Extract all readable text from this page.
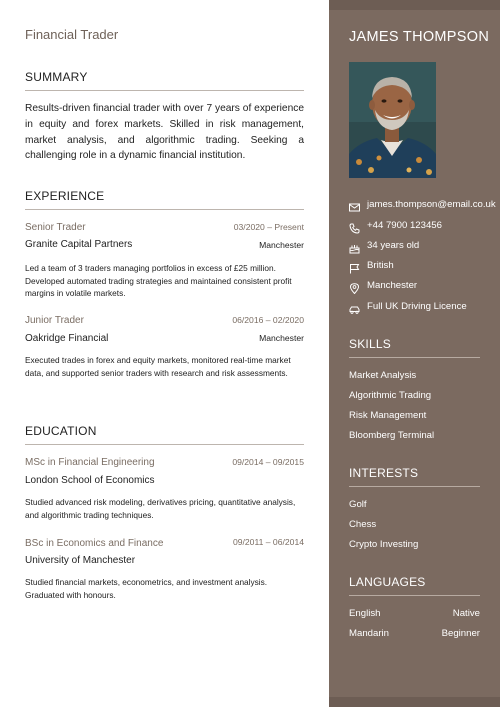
Financial Trader
SUMMARY
Results-driven financial trader with over 7 years of experience in equity and forex markets. Skilled in risk management, market analysis, and algorithmic trading. Seeking a challenging role in a dynamic financial institution.
EXPERIENCE
Senior Trader	03/2020 – Present
Granite Capital Partners	Manchester
Led a team of 3 traders managing portfolios in excess of £25 million. Developed automated trading strategies and maintained consistent profit margins in volatile markets.
Junior Trader	06/2016 – 02/2020
Oakridge Financial	Manchester
Executed trades in forex and equity markets, monitored real-time market data, and supported senior traders with research and risk assessments.
EDUCATION
MSc in Financial Engineering	09/2014 – 09/2015
London School of Economics
Studied advanced risk modeling, derivatives pricing, quantitative analysis, and algorithmic trading techniques.
BSc in Economics and Finance	09/2011 – 06/2014
University of Manchester
Studied financial markets, econometrics, and investment analysis. Graduated with honours.
JAMES THOMPSON
james.thompson@email.co.uk
+44 7900 123456
34 years old
British
Manchester
Full UK Driving Licence
SKILLS
Market Analysis
Algorithmic Trading
Risk Management
Bloomberg Terminal
INTERESTS
Golf
Chess
Crypto Investing
LANGUAGES
English	Native
Mandarin	Beginner
